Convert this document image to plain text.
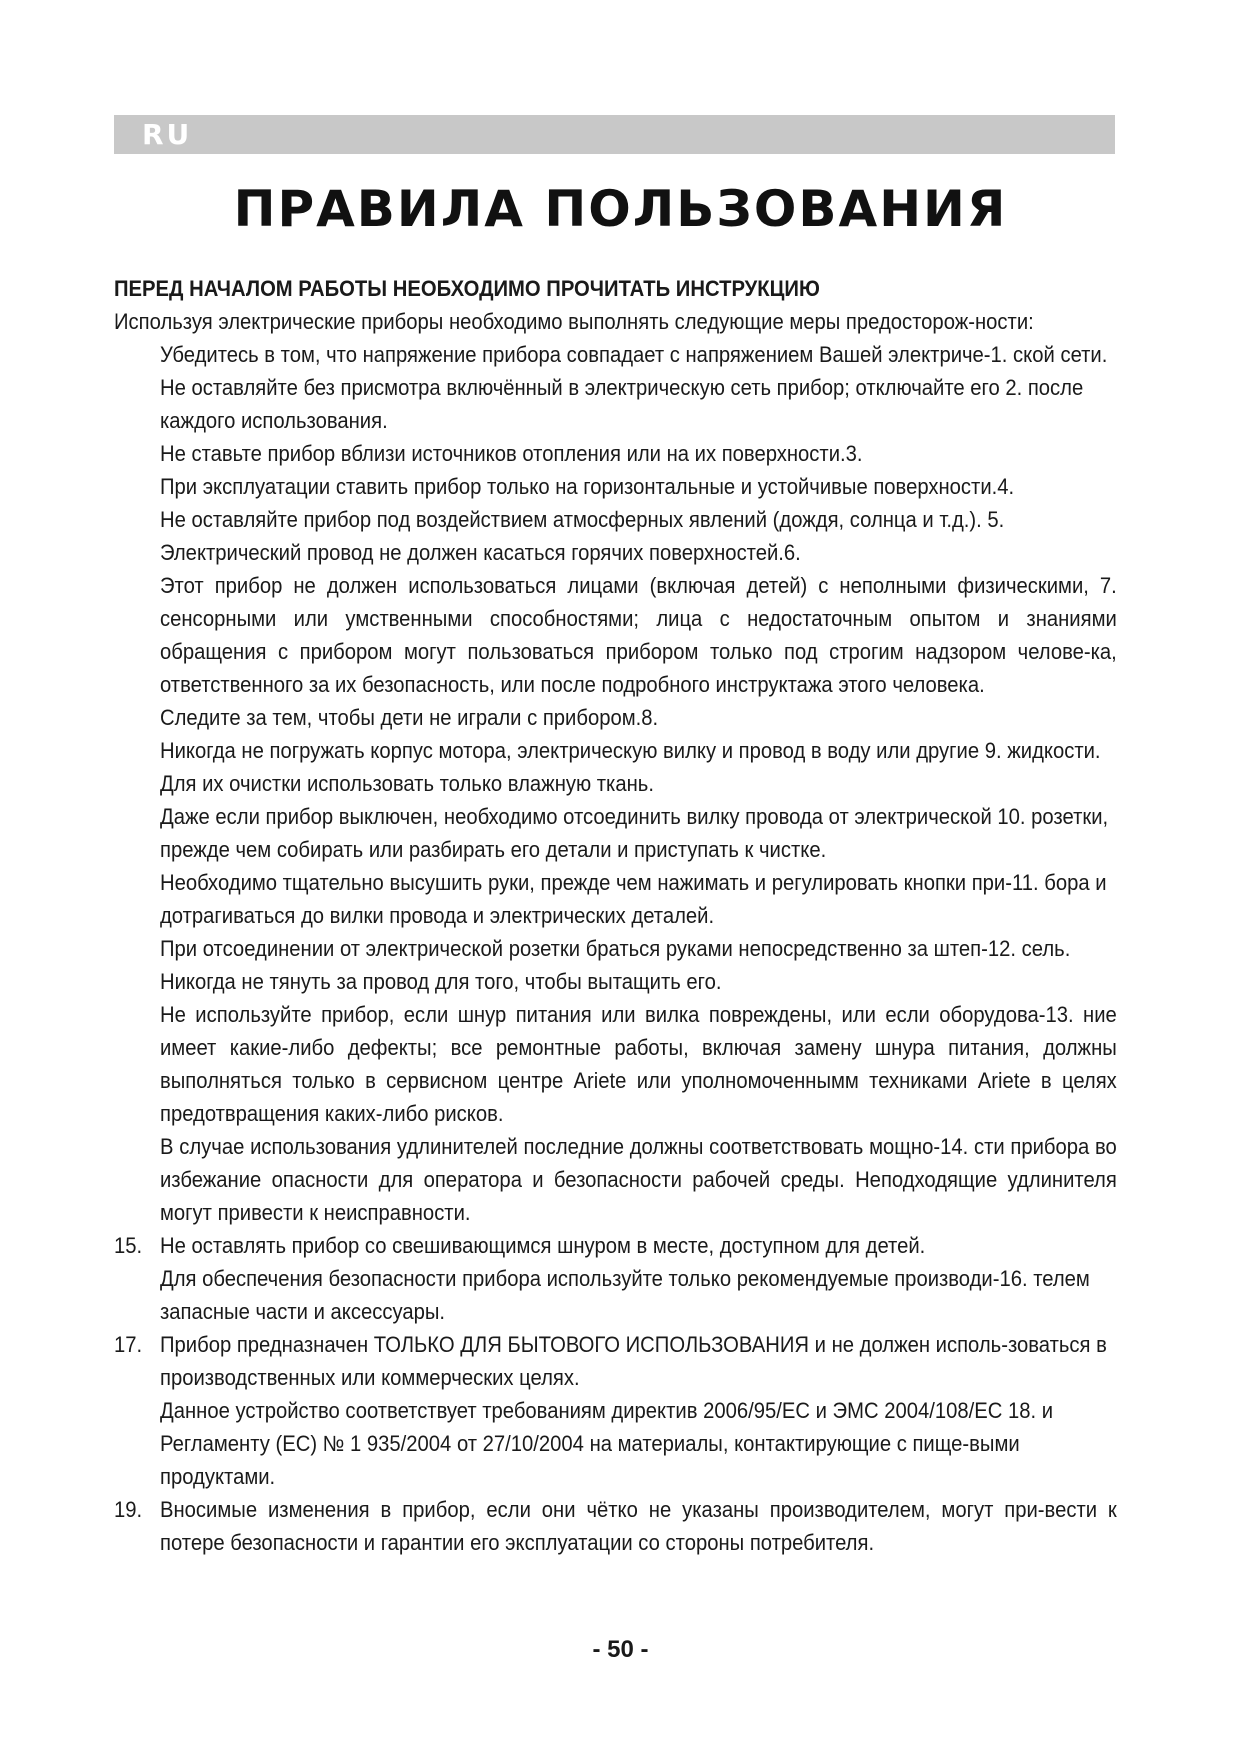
RU
ПРАВИЛА ПОЛЬЗОВАНИЯ

ПЕРЕД НАЧАЛОМ РАБОТЫ НЕОБХОДИМО ПРОЧИТАТЬ ИНСТРУКЦИЮ

Используя электрические приборы необходимо выполнять следующие меры предосторож-ности:

Убедитесь в том, что напряжение прибора совпадает с напряжением Вашей электриче-1. ской сети.
Не оставляйте без присмотра включённый в электрическую сеть прибор; отключайте его 2. после каждого использования.
Не ставьте прибор вблизи источников отопления или на их поверхности.3.
При эксплуатации ставить прибор только на горизонтальные и устойчивые поверхности.4.
Не оставляйте прибор под воздействием атмосферных явлений (дождя, солнца и т.д.). 5.
Электрический провод не должен касаться горячих поверхностей.6.
Этот прибор не должен использоваться лицами (включая детей) с неполными физическими, 7. сенсорными или умственными способностями; лица с недостаточным опытом и знаниями обращения с прибором могут пользоваться прибором только под строгим надзором челове-ка, ответственного за их безопасность, или после подробного инструктажа этого человека.
Следите за тем, чтобы дети не играли с прибором.8.
Никогда не погружать корпус мотора, электрическую вилку и провод в воду или другие 9. жидкости. Для их очистки использовать только влажную ткань.
Даже если прибор выключен, необходимо отсоединить вилку провода от электрической 10. розетки, прежде чем собирать или разбирать его детали и приступать к чистке.
Необходимо тщательно высушить руки, прежде чем нажимать и регулировать кнопки при-11. бора и дотрагиваться до вилки провода и электрических деталей.
При отсоединении от электрической розетки браться руками непосредственно за штеп-12. сель. Никогда не тянуть за провод для того, чтобы вытащить его.
Не используйте прибор, если шнур питания или вилка повреждены, или если оборудова-13. ние имеет какие-либо дефекты; все ремонтные работы, включая замену шнура питания, должны выполняться только в сервисном центре Ariete или уполномоченнымм техниками Ariete в целях предотвращения каких-либо рисков.
В случае использования удлинителей последние должны соответствовать мощно-14. сти прибора во избежание опасности для оператора и безопасности рабочей среды. Неподходящие удлинителя могут привести к неисправности.
15. Не оставлять прибор со свешивающимся шнуром в месте, доступном для детей.
Для обеспечения безопасности прибора используйте только рекомендуемые производи-16. телем запасные части и аксессуары.
17. Прибор предназначен ТОЛЬКО ДЛЯ БЫТОВОГО ИСПОЛЬЗОВАНИЯ и не должен исполь-зоваться в производственных или коммерческих целях.
Данное устройство соответствует требованиям директив 2006/95/ЕС и ЭМС 2004/108/ЕС 18. и Регламенту (ЕС) № 1 935/2004 от 27/10/2004 на материалы, контактирующие с пище-выми продуктами.
19. Вносимые изменения в прибор, если они чётко не указаны производителем, могут при-вести к потере безопасности и гарантии его эксплуатации со стороны потребителя.
- 50 -
